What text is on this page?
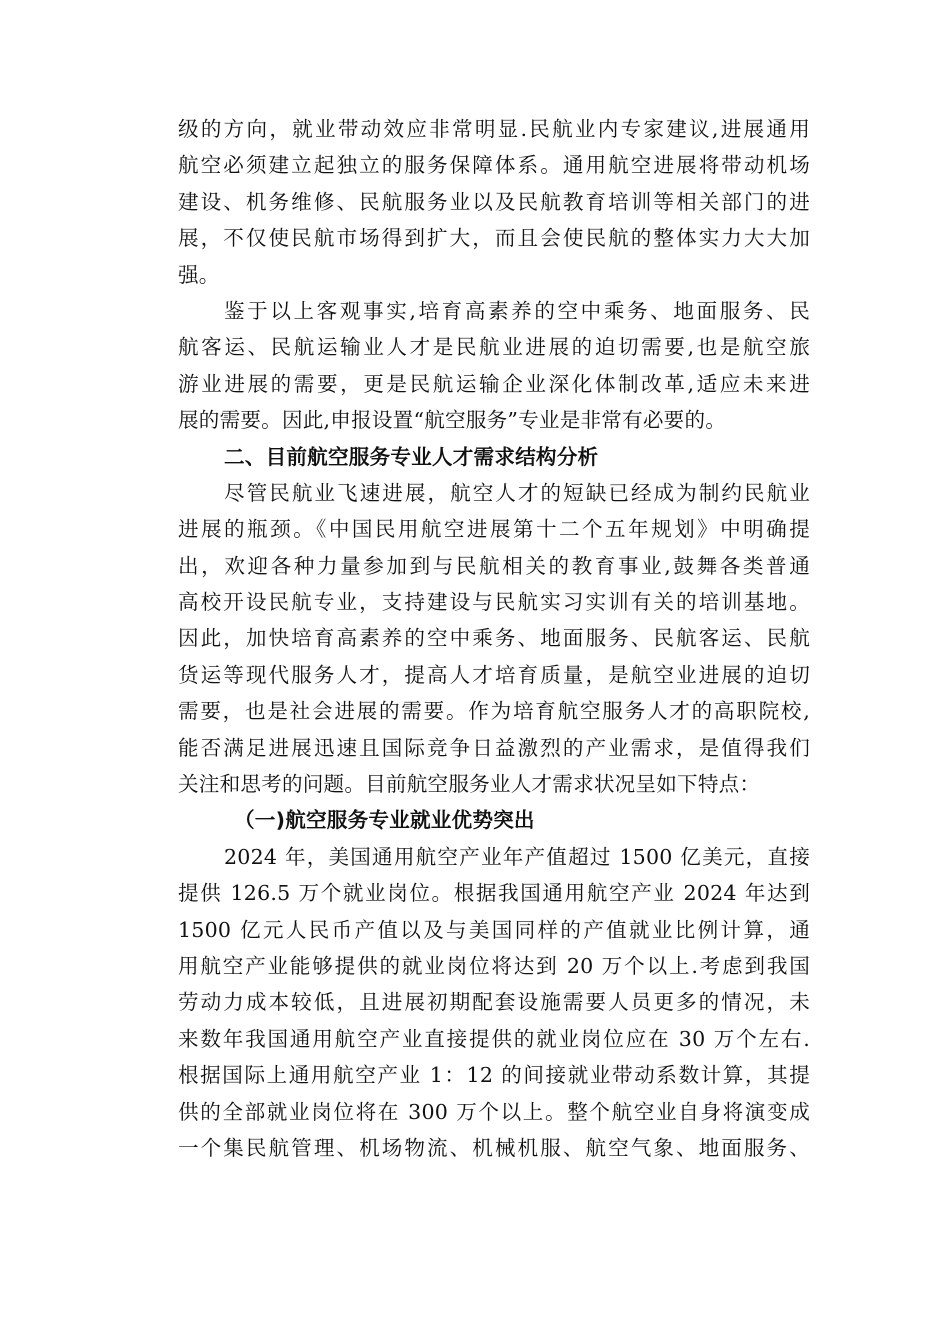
级的方向，就业带动效应非常明显.民航业内专家建议,进展通用
航空必须建立起独立的服务保障体系。通用航空进展将带动机场
建设、机务维修、民航服务业以及民航教育培训等相关部门的进
展，不仅使民航市场得到扩大，而且会使民航的整体实力大大加
强。
鉴于以上客观事实,培育高素养的空中乘务、地面服务、民
航客运、民航运输业人才是民航业进展的迫切需要,也是航空旅
游业进展的需要，更是民航运输企业深化体制改革,适应未来进
展的需要。因此,申报设置“航空服务”专业是非常有必要的。
二、目前航空服务专业人才需求结构分析
尽管民航业飞速进展，航空人才的短缺已经成为制约民航业
进展的瓶颈。《中国民用航空进展第十二个五年规划》中明确提
出，欢迎各种力量参加到与民航相关的教育事业,鼓舞各类普通
高校开设民航专业，支持建设与民航实习实训有关的培训基地。
因此，加快培育高素养的空中乘务、地面服务、民航客运、民航
货运等现代服务人才，提高人才培育质量，是航空业进展的迫切
需要，也是社会进展的需要。作为培育航空服务人才的高职院校,
能否满足进展迅速且国际竞争日益激烈的产业需求，是值得我们
关注和思考的问题。目前航空服务业人才需求状况呈如下特点：
（一)航空服务专业就业优势突出
2024 年，美国通用航空产业年产值超过 1500 亿美元，直接
提供 126.5 万个就业岗位。根据我国通用航空产业 2024 年达到
1500 亿元人民币产值以及与美国同样的产值就业比例计算，通
用航空产业能够提供的就业岗位将达到 20 万个以上.考虑到我国
劳动力成本较低，且进展初期配套设施需要人员更多的情况，未
来数年我国通用航空产业直接提供的就业岗位应在 30 万个左右.
根据国际上通用航空产业 1：12 的间接就业带动系数计算，其提
供的全部就业岗位将在 300 万个以上。整个航空业自身将演变成
一个集民航管理、机场物流、机械机服、航空气象、地面服务、
